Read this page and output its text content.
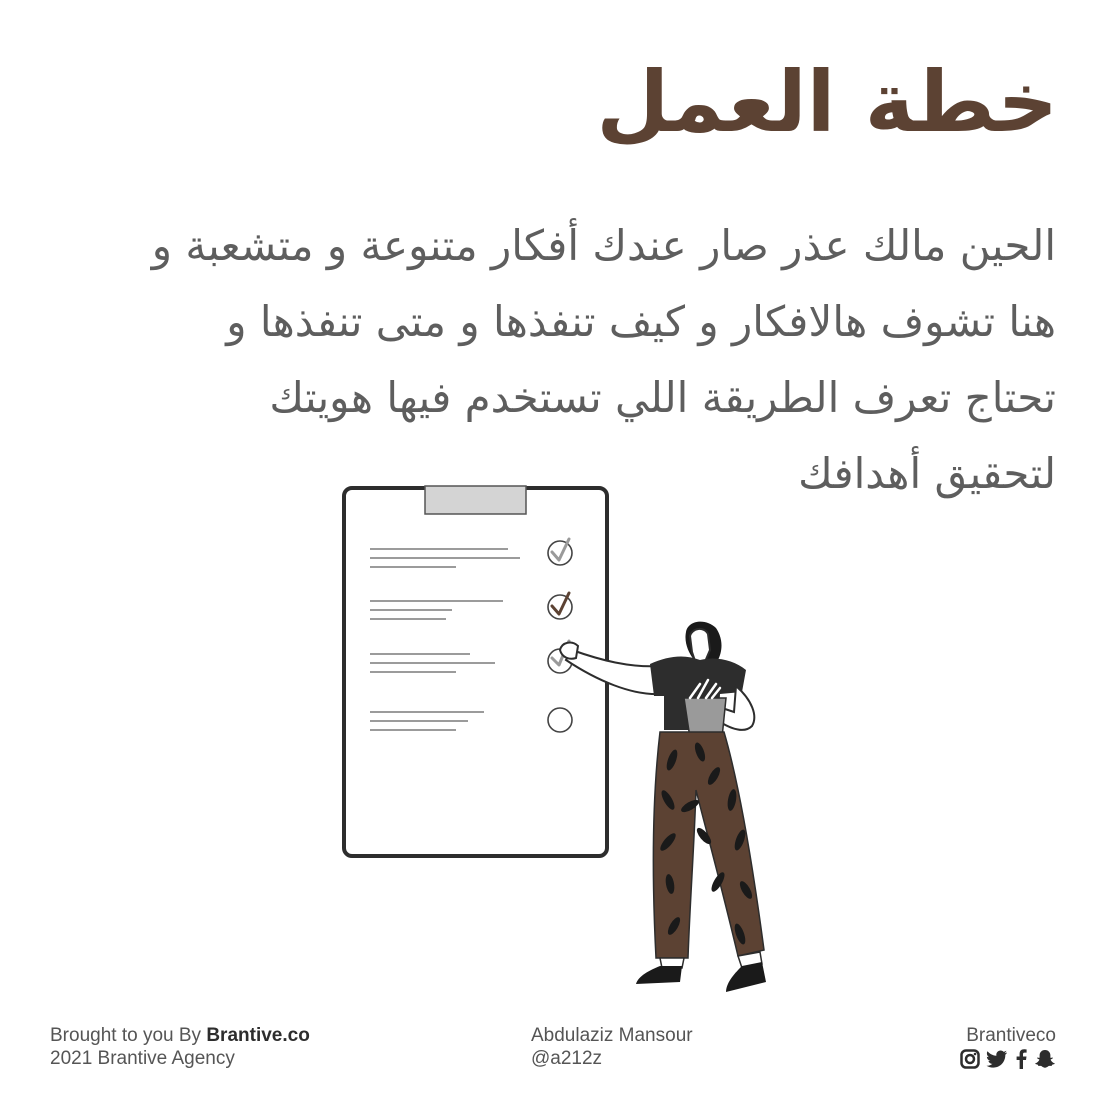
خطة العمل
الحين مالك عذر صار عندك أفكار متنوعة و متشعبة و
هنا تشوف هالافكار و كيف تنفذها و متى تنفذها و
تحتاج تعرف الطريقة اللي تستخدم فيها هويتك
لتحقيق أهدافك
Brought to you By Brantive.co
2021 Brantive Agency
Abdulaziz Mansour
@a212z
Brantiveco
